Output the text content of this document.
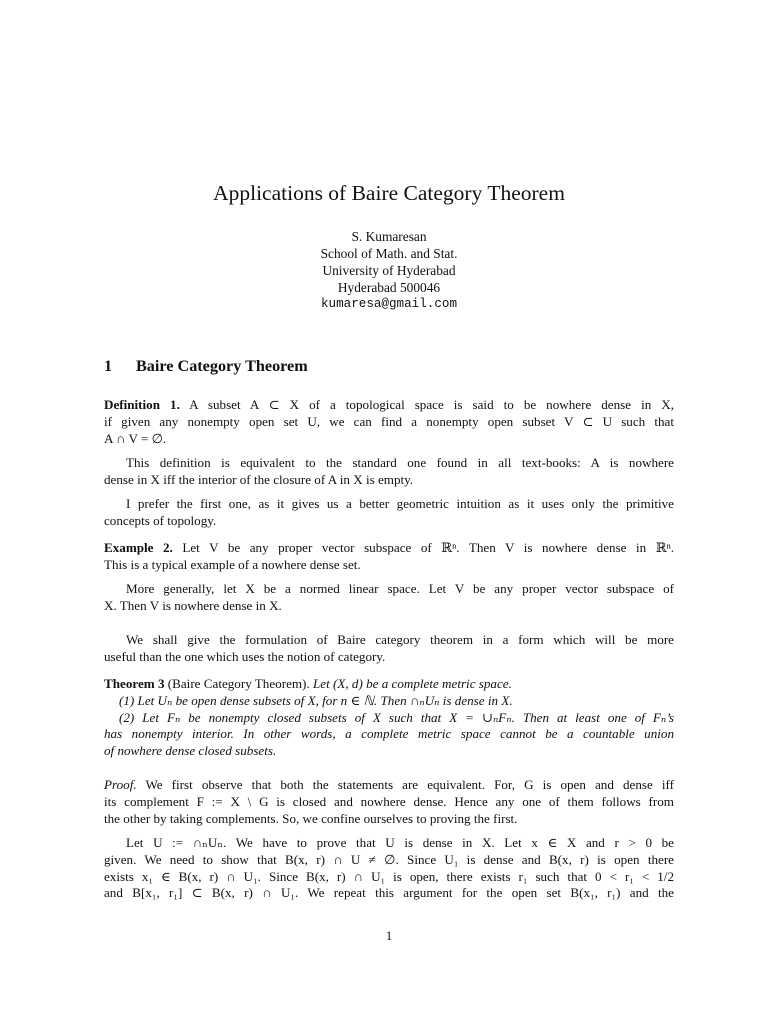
Applications of Baire Category Theorem
S. Kumaresan
School of Math. and Stat.
University of Hyderabad
Hyderabad 500046
kumaresa@gmail.com
1 Baire Category Theorem
Definition 1. A subset A ⊂ X of a topological space is said to be nowhere dense in X,
if given any nonempty open set U, we can find a nonempty open subset V ⊂ U such that
A ∩ V = ∅.
This definition is equivalent to the standard one found in all text-books: A is nowhere
dense in X iff the interior of the closure of A in X is empty.
I prefer the first one, as it gives us a better geometric intuition as it uses only the primitive
concepts of topology.
Example 2. Let V be any proper vector subspace of ℝⁿ. Then V is nowhere dense in ℝⁿ.
This is a typical example of a nowhere dense set.
More generally, let X be a normed linear space. Let V be any proper vector subspace of
X. Then V is nowhere dense in X.
We shall give the formulation of Baire category theorem in a form which will be more
useful than the one which uses the notion of category.
Theorem 3 (Baire Category Theorem). Let (X, d) be a complete metric space.
(1) Let Uₙ be open dense subsets of X, for n ∈ ℕ. Then ∩ₙUₙ is dense in X.
(2) Let Fₙ be nonempty closed subsets of X such that X = ∪ₙFₙ. Then at least one of Fₙ’s
has nonempty interior. In other words, a complete metric space cannot be a countable union
of nowhere dense closed subsets.
Proof. We first observe that both the statements are equivalent. For, G is open and dense iff
its complement F := X \ G is closed and nowhere dense. Hence any one of them follows from
the other by taking complements. So, we confine ourselves to proving the first.
Let U := ∩ₙUₙ. We have to prove that U is dense in X. Let x ∈ X and r > 0 be
given. We need to show that B(x, r) ∩ U ≠ ∅. Since U₁ is dense and B(x, r) is open there
exists x₁ ∈ B(x, r) ∩ U₁. Since B(x, r) ∩ U₁ is open, there exists r₁ such that 0 < r₁ < 1/2
and B[x₁, r₁] ⊂ B(x, r) ∩ U₁. We repeat this argument for the open set B(x₁, r₁) and the
1
